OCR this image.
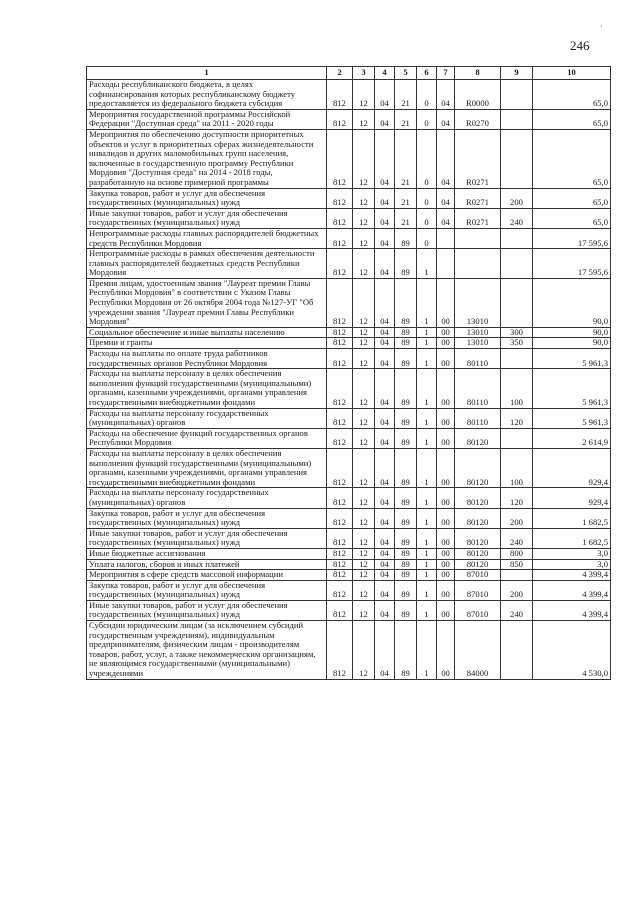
246
·
1	2	3	4	5	6	7	8	9	10
Расходы республиканского бюджета, в целях софинансирования которых республиканскому бюджету предоставляется из федерального бюджета субсидия	812	12	04	21	0	04	R0000		65,0
Мероприятия государственной программы Российской Федерации "Доступная среда" на 2011 - 2020 годы	812	12	04	21	0	04	R0270		65,0
Мероприятия по обеспечению доступности приоритетных объектов и услуг в приоритетных сферах жизнедеятельности инвалидов и других маломобильных групп населения, включенные в государственную программу Республики Мордовия "Доступная среда" на 2014 - 2018 годы, разработанную на основе примерной программы	812	12	04	21	0	04	R0271		65,0
Закупка товаров, работ и услуг для обеспечения государственных (муниципальных) нужд	812	12	04	21	0	04	R0271	200	65,0
Иные закупки товаров, работ и услуг для обеспечения государственных (муниципальных) нужд	812	12	04	21	0	04	R0271	240	65,0
Непрограммные расходы главных распорядителей бюджетных средств Республики Мордовия	812	12	04	89	0				17 595,6
Непрограммные расходы в рамках обеспечения деятельности главных распорядителей бюджетных средств Республики Мордовия	812	12	04	89	1				17 595,6
Премия лицам, удостоенным звания "Лауреат премии Главы Республики Мордовия" в соответствии с Указом Главы Республики Мордовия от 26 октября 2004 года №127-УГ "Об учреждении звания "Лауреат премии Главы Республики Мордовия"	812	12	04	89	1	00	13010		90,0
Социальное обеспечение и иные выплаты населению	812	12	04	89	1	00	13010	300	90,0
Премии и гранты	812	12	04	89	1	00	13010	350	90,0
Расходы на выплаты по оплате труда работников государственных органов Республики Мордовия	812	12	04	89	1	00	80110		5 961,3
Расходы на выплаты персоналу в целях обеспечения выполнения функций государственными (муниципальными) органами, казенными учреждениями, органами управления государственными внебюджетными фондами	812	12	04	89	1	00	80110	100	5 961,3
Расходы на выплаты персоналу государственных (муниципальных) органов	812	12	04	89	1	00	80110	120	5 961,3
Расходы на обеспечение функций государственных органов Республики Мордовия	812	12	04	89	1	00	80120		2 614,9
Расходы на выплаты персоналу в целях обеспечения выполнения функций государственными (муниципальными) органами, казенными учреждениями, органами управления государственными внебюджетными фондами	812	12	04	89	1	00	80120	100	929,4
Расходы на выплаты персоналу государственных (муниципальных) органов	812	12	04	89	1	00	80120	120	929,4
Закупка товаров, работ и услуг для обеспечения государственных (муниципальных) нужд	812	12	04	89	1	00	80120	200	1 682,5
Иные закупки товаров, работ и услуг для обеспечения государственных (муниципальных) нужд	812	12	04	89	1	00	80120	240	1 682,5
Иные бюджетные ассигнования	812	12	04	89	1	00	80120	800	3,0
Уплата налогов, сборов и иных платежей	812	12	04	89	1	00	80120	850	3,0
Мероприятия в сфере средств массовой информации	812	12	04	89	1	00	87010		4 399,4
Закупка товаров, работ и услуг для обеспечения государственных (муниципальных) нужд	812	12	04	89	1	00	87010	200	4 399,4
Иные закупки товаров, работ и услуг для обеспечения государственных (муниципальных) нужд	812	12	04	89	1	00	87010	240	4 399,4
Субсидии юридическим лицам (за исключением субсидий государственным учреждениям), индивидуальным предпринимателям, физическим лицам - производителям товаров, работ, услуг, а также некоммерческим организациям, не являющимся государственными (муниципальными) учреждениями	812	12	04	89	1	00	84000		4 530,0
